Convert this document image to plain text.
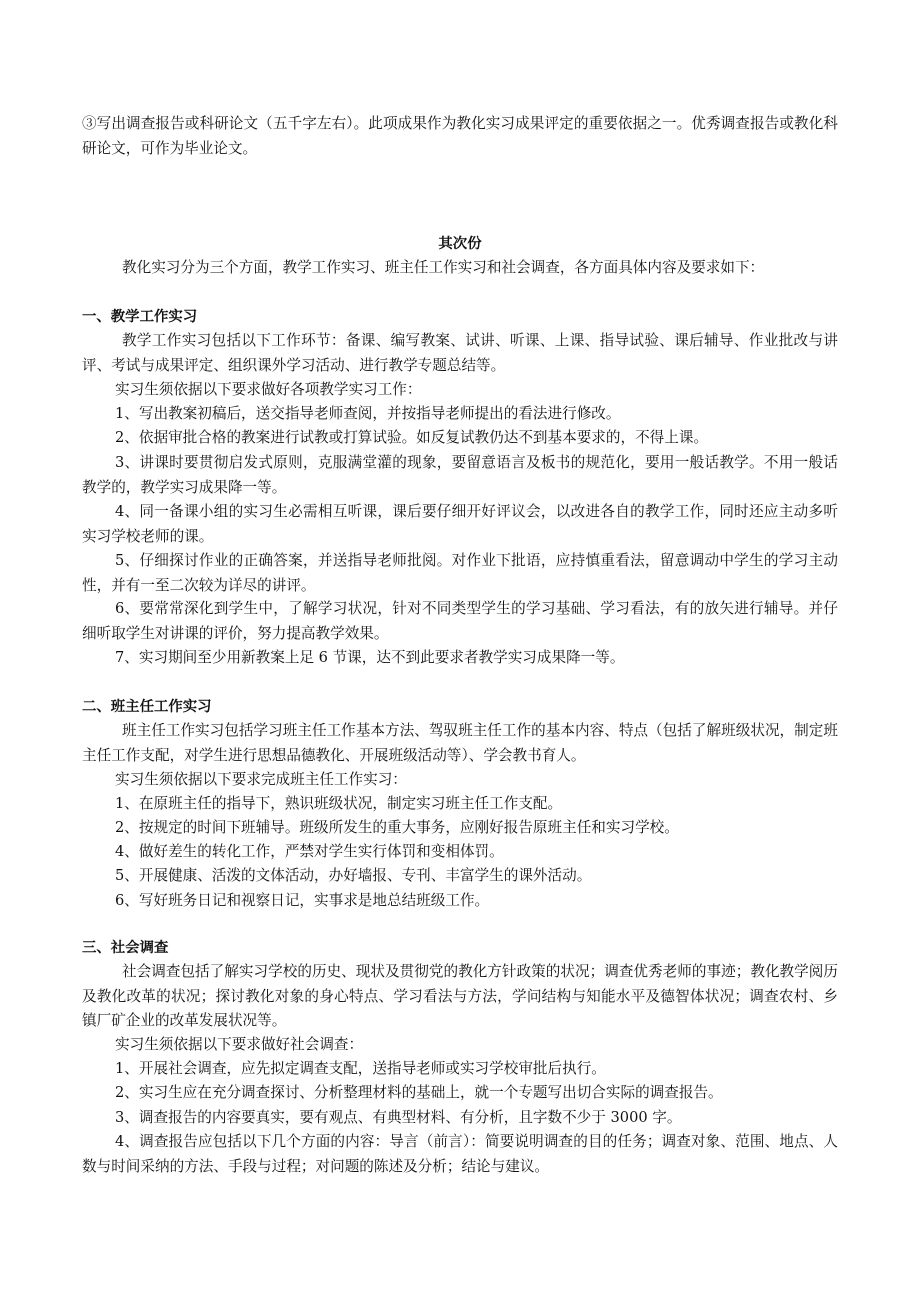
③写出调查报告或科研论文（五千字左右）。此项成果作为教化实习成果评定的重要依据之一。优秀调查报告或教化科研论文，可作为毕业论文。

其次份

教化实习分为三个方面，教学工作实习、班主任工作实习和社会调查，各方面具体内容及要求如下：

一、教学工作实习

教学工作实习包括以下工作环节：备课、编写教案、试讲、听课、上课、指导试验、课后辅导、作业批改与讲评、考试与成果评定、组织课外学习活动、进行教学专题总结等。

实习生须依据以下要求做好各项教学实习工作：

1、写出教案初稿后，送交指导老师查阅，并按指导老师提出的看法进行修改。

2、依据审批合格的教案进行试教或打算试验。如反复试教仍达不到基本要求的，不得上课。

3、讲课时要贯彻启发式原则，克服满堂灌的现象，要留意语言及板书的规范化，要用一般话教学。不用一般话教学的，教学实习成果降一等。

4、同一备课小组的实习生必需相互听课，课后要仔细开好评议会，以改进各自的教学工作，同时还应主动多听实习学校老师的课。

5、仔细探讨作业的正确答案，并送指导老师批阅。对作业下批语，应持慎重看法，留意调动中学生的学习主动性，并有一至二次较为详尽的讲评。

6、要常常深化到学生中，了解学习状况，针对不同类型学生的学习基础、学习看法，有的放矢进行辅导。并仔细听取学生对讲课的评价，努力提高教学效果。

7、实习期间至少用新教案上足 6 节课，达不到此要求者教学实习成果降一等。

二、班主任工作实习

班主任工作实习包括学习班主任工作基本方法、驾驭班主任工作的基本内容、特点（包括了解班级状况，制定班主任工作支配，对学生进行思想品德教化、开展班级活动等）、学会教书育人。

实习生须依据以下要求完成班主任工作实习：

1、在原班主任的指导下，熟识班级状况，制定实习班主任工作支配。

2、按规定的时间下班辅导。班级所发生的重大事务，应刚好报告原班主任和实习学校。

4、做好差生的转化工作，严禁对学生实行体罚和变相体罚。

5、开展健康、活泼的文体活动，办好墙报、专刊、丰富学生的课外活动。

6、写好班务日记和视察日记，实事求是地总结班级工作。

三、社会调查

社会调查包括了解实习学校的历史、现状及贯彻党的教化方针政策的状况；调查优秀老师的事迹；教化教学阅历及教化改革的状况；探讨教化对象的身心特点、学习看法与方法，学问结构与知能水平及德智体状况；调查农村、乡镇厂矿企业的改革发展状况等。

实习生须依据以下要求做好社会调查：

1、开展社会调查，应先拟定调查支配，送指导老师或实习学校审批后执行。

2、实习生应在充分调查探讨、分析整理材料的基础上，就一个专题写出切合实际的调查报告。

3、调查报告的内容要真实，要有观点、有典型材料、有分析，且字数不少于 3000 字。

4、调查报告应包括以下几个方面的内容：导言（前言）：简要说明调查的目的任务；调查对象、范围、地点、人数与时间采纳的方法、手段与过程；对问题的陈述及分析；结论与建议。
